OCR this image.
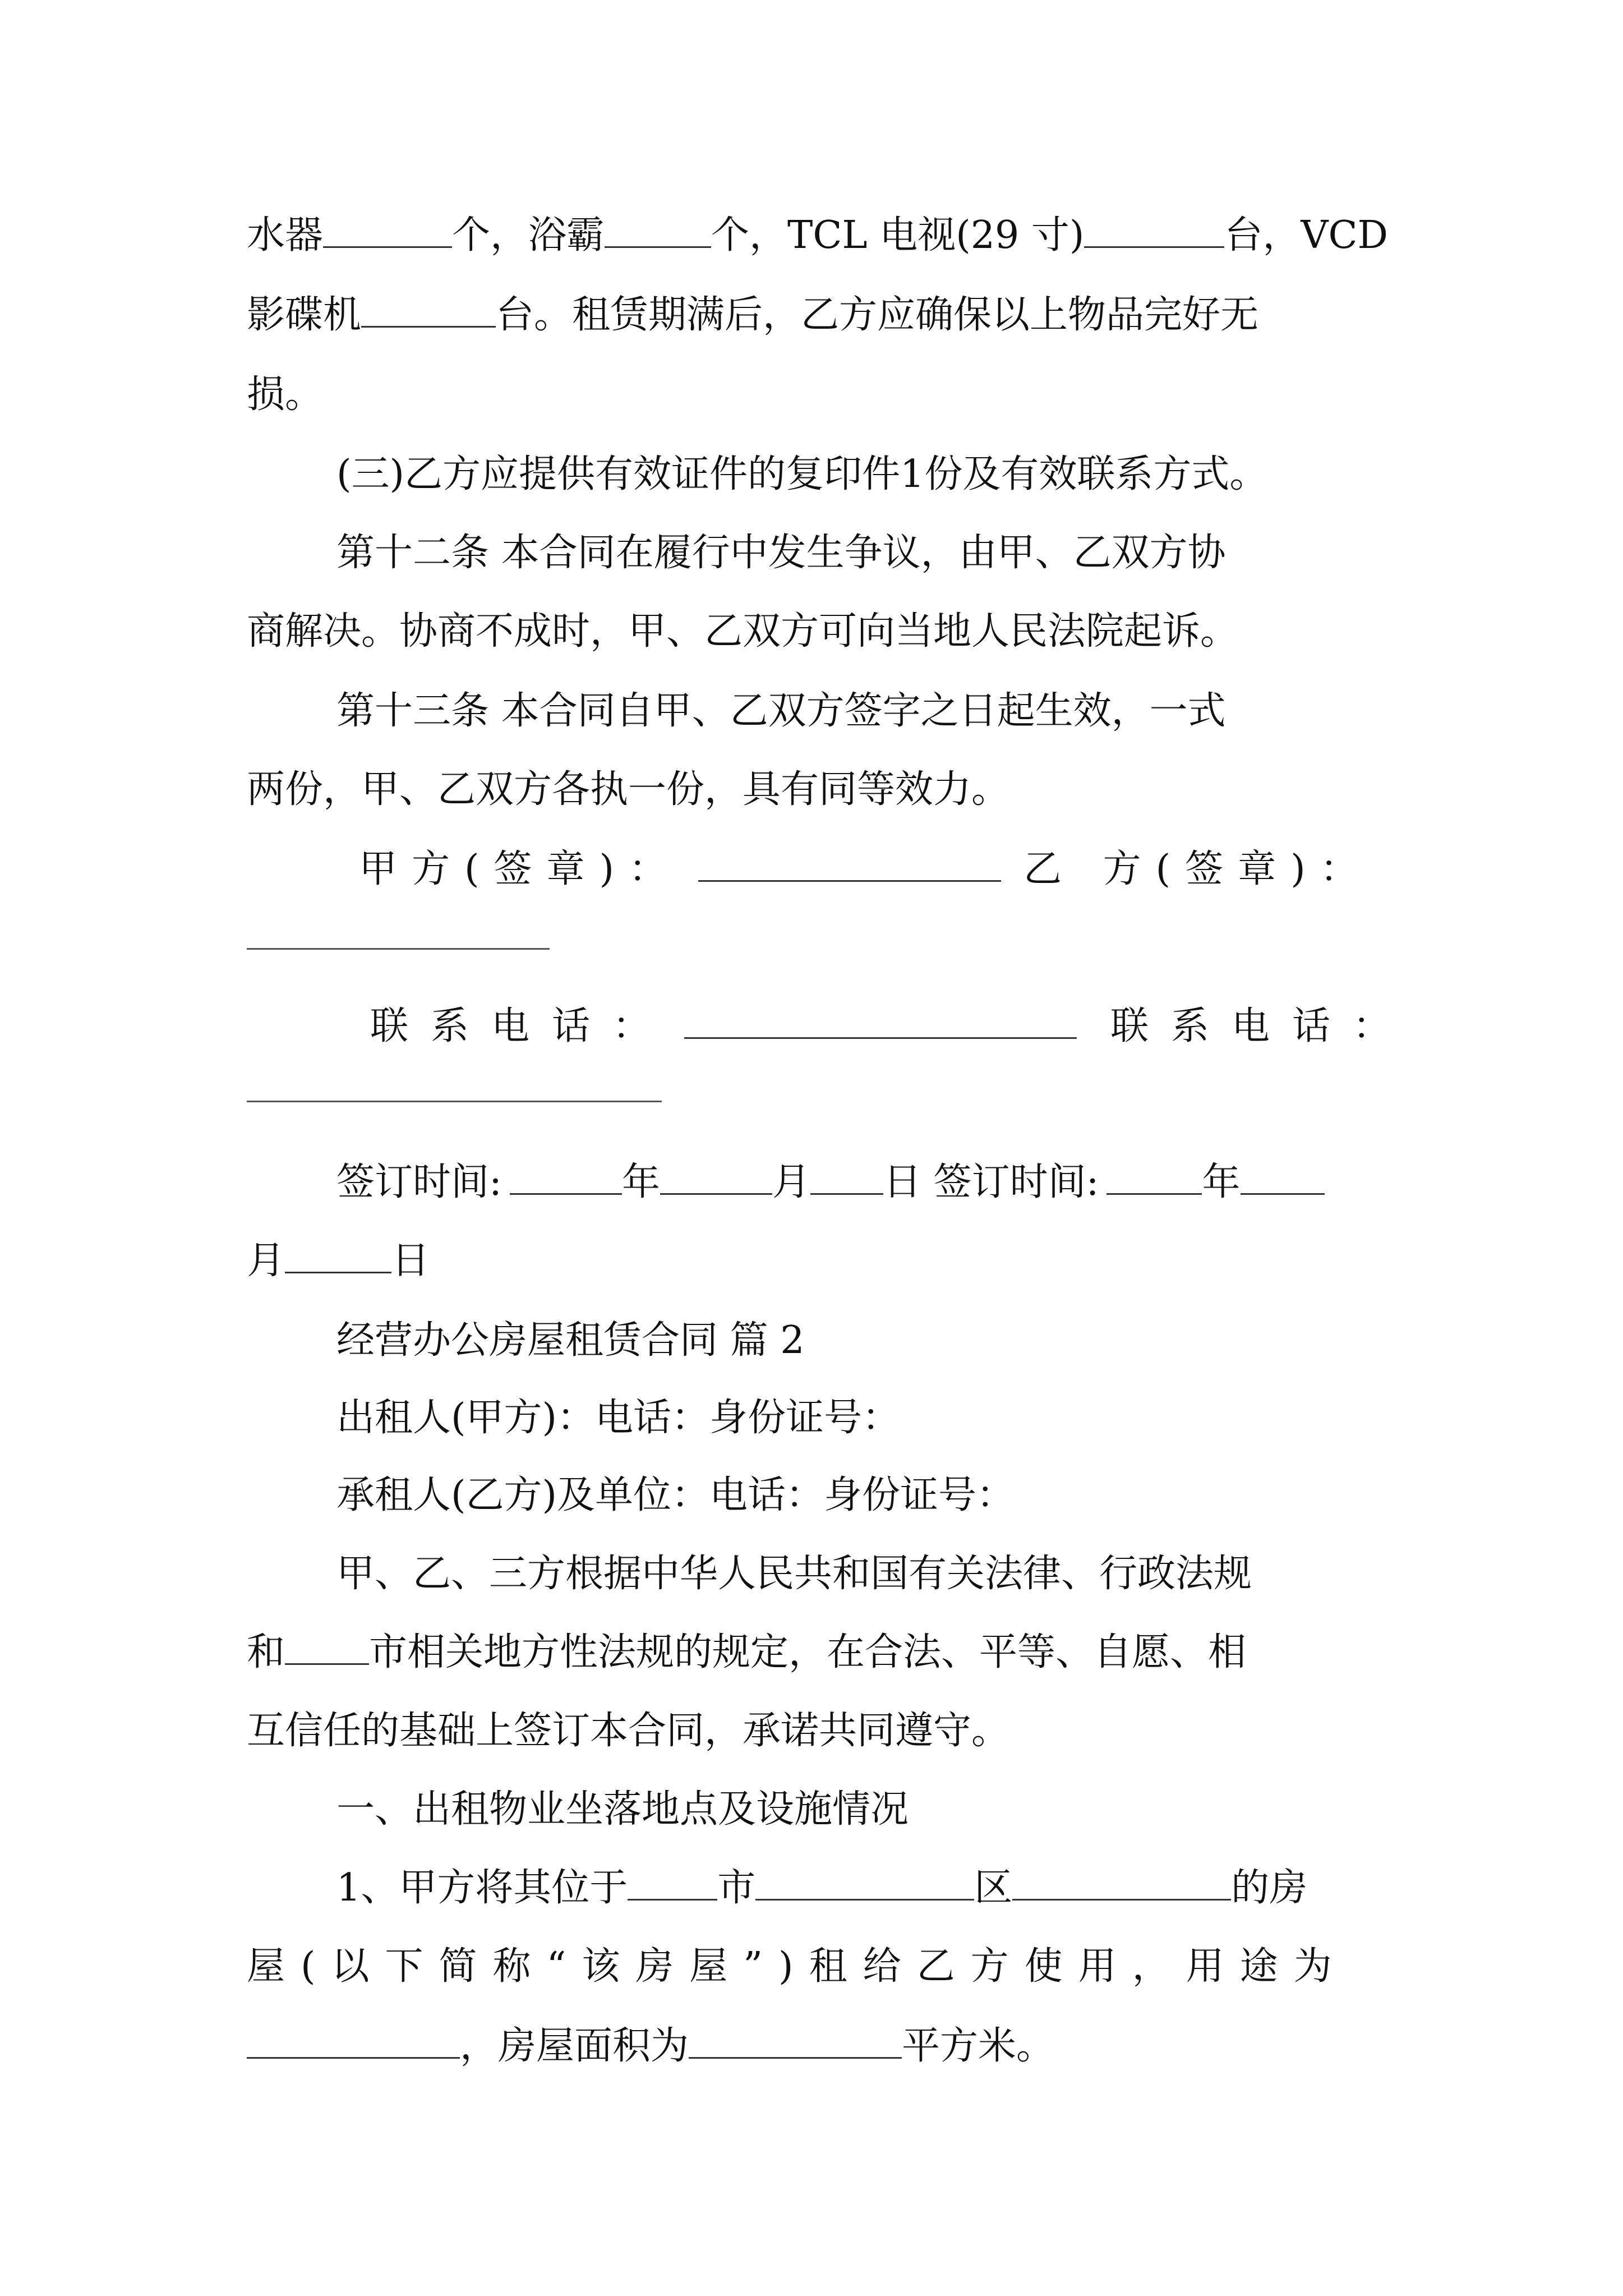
水器	个，浴霸	个，TCL 电视(29 寸)	台，VCD
影碟机	台。租赁期满后，乙方应确保以上物品完好无
损。
(三)乙方应提供有效证件的复印件1份及有效联系方式。
第十二条 本合同在履行中发生争议，由甲、乙双方协
商解决。协商不成时，甲、乙双方可向当地人民法院起诉。
第十三条 本合同自甲、乙双方签字之日起生效，一式
两份，甲、乙双方各执一份，具有同等效力。
甲方(签章)：	乙 方(签章)：
联系电话：	联系电话：
签订时间:	年	月 日 签订时间:	年
月	日
经营办公房屋租赁合同 篇 2
出租人(甲方)：电话：身份证号：
承租人(乙方)及单位：电话：身份证号：
甲、乙、三方根据中华人民共和国有关法律、行政法规
和 市相关地方性法规的规定，在合法、平等、自愿、相
互信任的基础上签订本合同，承诺共同遵守。
一、出租物业坐落地点及设施情况
1、甲方将其位于 市	区	的房
屋(以下简称“该房屋”)租给乙方使用，用途为
，房屋面积为	平方米。
